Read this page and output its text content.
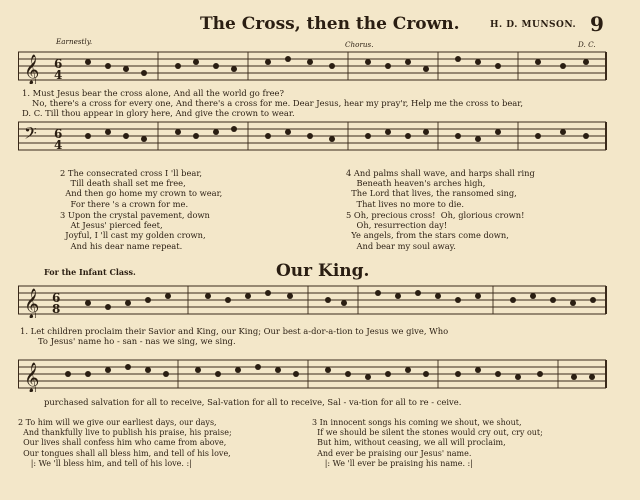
The Cross, then the Crown.	H. D. MUNSON. 9
Earnestly.	Chorus.	D. C.
𝄞 6
4
1. Must Jesus bear the cross alone, And all the world go free?
No, there's a cross for every one, And there's a cross for me. Dear Jesus, hear my pray'r, Help me the cross to bear,
D. C. Till thou appear in glory here, And give the crown to wear.
𝄢 6
4
2 The consecrated cross I 'll bear,
Till death shall set me free,
And then go home my crown to wear,
For there 's a crown for me.
3 Upon the crystal pavement, down
At Jesus' pierced feet,
Joyful, I 'll cast my golden crown,
And his dear name repeat.
4 And palms shall wave, and harps shall ring
Beneath heaven's arches high,
The Lord that lives, the ransomed sing,
That lives no more to die.
5 Oh, precious cross!  Oh, glorious crown!
Oh, resurrection day!
Ye angels, from the stars come down,
And bear my soul away.
For the Infant Class.	Our King.
𝄞 6
8
1. Let children proclaim their Savior and King, our King; Our best a-dor-a-tion to Jesus we give, Who
To Jesus' name ho - san - nas we sing, we sing.
𝄞
purchased salvation for all to receive, Sal-vation for all to receive, Sal - va-tion for all to re - ceive.
2 To him will we give our earliest days, our days,
And thankfully live to publish his praise, his praise;
Our lives shall confess him who came from above,
Our tongues shall all bless him, and tell of his love,
|: We 'll bless him, and tell of his love. :|
3 In innocent songs his coming we shout, we shout,
If we should be silent the stones would cry out, cry out;
But him, without ceasing, we all will proclaim,
And ever be praising our Jesus' name.
|: We 'll ever be praising his name. :|
